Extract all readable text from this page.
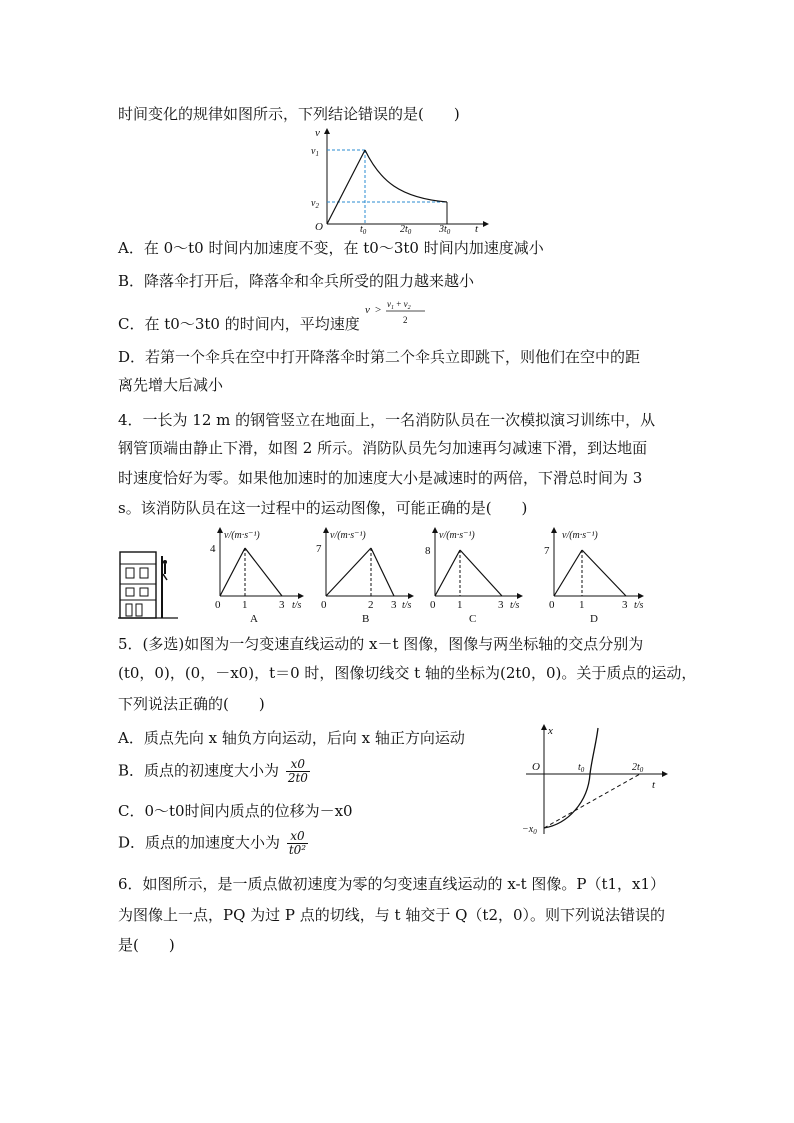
时间变化的规律如图所示，下列结论错误的是(　　)
v
$v_1$
$v_2$
O	$t_0$	$2t_0$	$3t_0$ t
A．在 0～t0 时间内加速度不变，在 t0～3t0 时间内加速度减小
B．降落伞打开后，降落伞和伞兵所受的阻力越来越小
C．在 t0～3t0 的时间内，平均速度
$v > v_1 + v_2$
2
D．若第一个伞兵在空中打开降落伞时第二个伞兵立即跳下，则他们在空中的距
离先增大后减小
4．一长为 12 m 的钢管竖立在地面上，一名消防队员在一次模拟演习训练中，从
钢管顶端由静止下滑，如图 2 所示。消防队员先匀加速再匀减速下滑，到达地面
时速度恰好为零。如果他加速时的加速度大小是减速时的两倍，下滑总时间为 3
s。该消防队员在这一过程中的运动图像，可能正确的是(　　)
v/(m·s⁻¹)
4
0 1	3 t/s
A
v/(m·s⁻¹)
7
0	2 3 t/s
B
v/(m·s⁻¹)
8
0 1	3 t/s
C
v/(m·s⁻¹)
7
0 1	3 t/s
D
5．(多选)如图为一匀变速直线运动的 x－t 图像，图像与两坐标轴的交点分别为
(t0，0)，(0，－x0)，t＝0 时，图像切线交 t 轴的坐标为(2t0，0)。关于质点的运动，
下列说法正确的(　　)
A．质点先向 x 轴负方向运动，后向 x 轴正方向运动
B．质点的初速度大小为 $\frac{x0}{2t0}$
C．0～t0时间内质点的位移为－x0
D．质点的加速度大小为 $\frac{x0}{\text{t0²}}$
x
O	$t_0$	$2t_0$
t
$-x_0$
6．如图所示，是一质点做初速度为零的匀变速直线运动的 x-t 图像。P（t1，x1）
为图像上一点，PQ 为过 P 点的切线，与 t 轴交于 Q（t2，0）。则下列说法错误的
是(　　)
